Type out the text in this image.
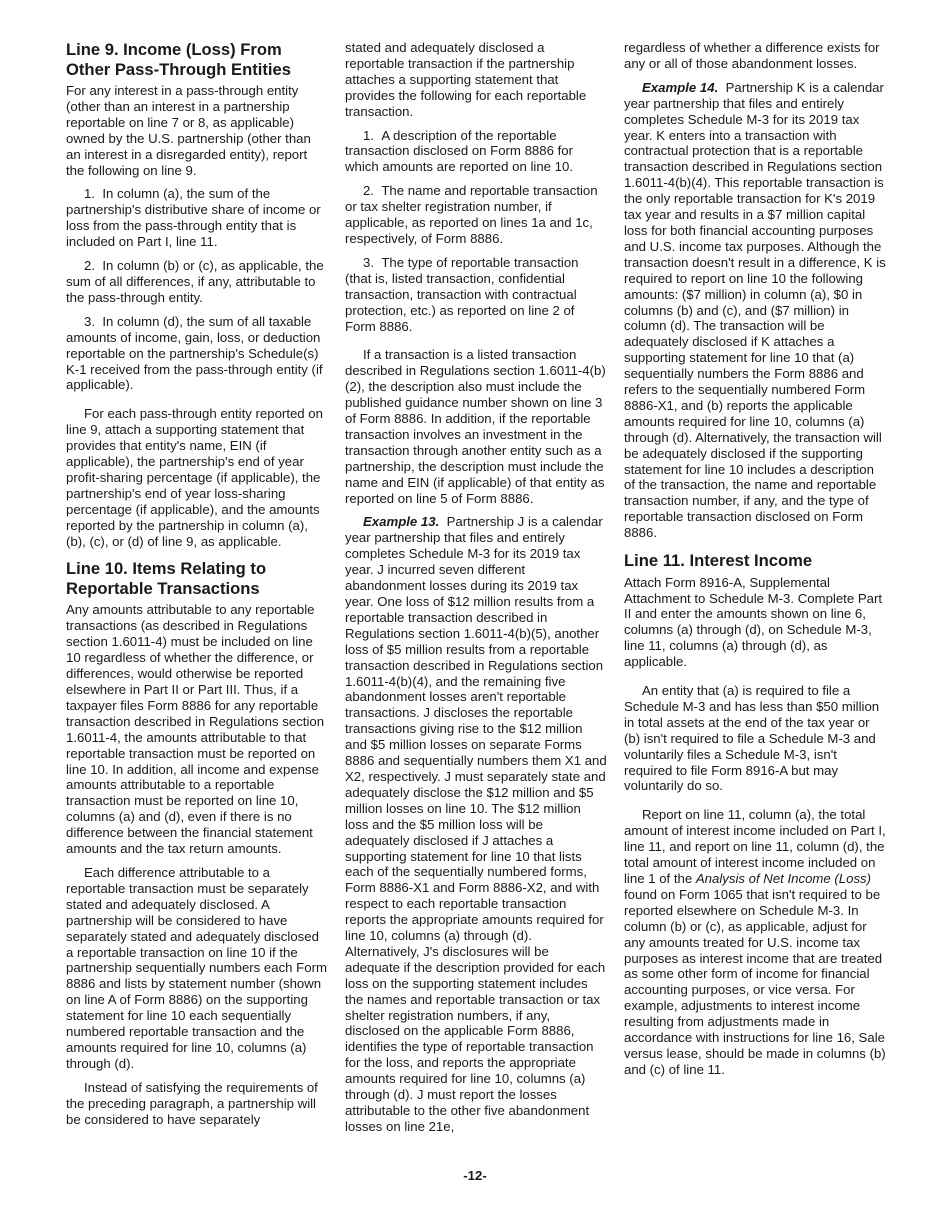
Line 9. Income (Loss) From Other Pass-Through Entities

For any interest in a pass-through entity (other than an interest in a partnership reportable on line 7 or 8, as applicable) owned by the U.S. partnership (other than an interest in a disregarded entity), report the following on line 9.

1.  In column (a), the sum of the partnership's distributive share of income or loss from the pass-through entity that is included on Part I, line 11.

2.  In column (b) or (c), as applicable, the sum of all differences, if any, attributable to the pass-through entity.

3.  In column (d), the sum of all taxable amounts of income, gain, loss, or deduction reportable on the partnership's Schedule(s) K-1 received from the pass-through entity (if applicable).

For each pass-through entity reported on line 9, attach a supporting statement that provides that entity's name, EIN (if applicable), the partnership's end of year profit-sharing percentage (if applicable), the partnership's end of year loss-sharing percentage (if applicable), and the amounts reported by the partnership in column (a), (b), (c), or (d) of line 9, as applicable.

Line 10. Items Relating to Reportable Transactions

Any amounts attributable to any reportable transactions (as described in Regulations section 1.6011-4) must be included on line 10 regardless of whether the difference, or differences, would otherwise be reported elsewhere in Part II or Part III. Thus, if a taxpayer files Form 8886 for any reportable transaction described in Regulations section 1.6011-4, the amounts attributable to that reportable transaction must be reported on line 10. In addition, all income and expense amounts attributable to a reportable transaction must be reported on line 10, columns (a) and (d), even if there is no difference between the financial statement amounts and the tax return amounts.

Each difference attributable to a reportable transaction must be separately stated and adequately disclosed. A partnership will be considered to have separately stated and adequately disclosed a reportable transaction on line 10 if the partnership sequentially numbers each Form 8886 and lists by statement number (shown on line A of Form 8886) on the supporting statement for line 10 each sequentially numbered reportable transaction and the amounts required for line 10, columns (a) through (d).

Instead of satisfying the requirements of the preceding paragraph, a partnership will be considered to have separately

stated and adequately disclosed a reportable transaction if the partnership attaches a supporting statement that provides the following for each reportable transaction.

1.  A description of the reportable transaction disclosed on Form 8886 for which amounts are reported on line 10.

2.  The name and reportable transaction or tax shelter registration number, if applicable, as reported on lines 1a and 1c, respectively, of Form 8886.

3.  The type of reportable transaction (that is, listed transaction, confidential transaction, transaction with contractual protection, etc.) as reported on line 2 of Form 8886.

If a transaction is a listed transaction described in Regulations section 1.6011-4(b)(2), the description also must include the published guidance number shown on line 3 of Form 8886. In addition, if the reportable transaction involves an investment in the transaction through another entity such as a partnership, the description must include the name and EIN (if applicable) of that entity as reported on line 5 of Form 8886.

Example 13. Partnership J is a calendar year partnership that files and entirely completes Schedule M-3 for its 2019 tax year. J incurred seven different abandonment losses during its 2019 tax year. One loss of $12 million results from a reportable transaction described in Regulations section 1.6011-4(b)(5), another loss of $5 million results from a reportable transaction described in Regulations section 1.6011-4(b)(4), and the remaining five abandonment losses aren't reportable transactions. J discloses the reportable transactions giving rise to the $12 million and $5 million losses on separate Forms 8886 and sequentially numbers them X1 and X2, respectively. J must separately state and adequately disclose the $12 million and $5 million losses on line 10. The $12 million loss and the $5 million loss will be adequately disclosed if J attaches a supporting statement for line 10 that lists each of the sequentially numbered forms, Form 8886-X1 and Form 8886-X2, and with respect to each reportable transaction reports the appropriate amounts required for line 10, columns (a) through (d). Alternatively, J's disclosures will be adequate if the description provided for each loss on the supporting statement includes the names and reportable transaction or tax shelter registration numbers, if any, disclosed on the applicable Form 8886, identifies the type of reportable transaction for the loss, and reports the appropriate amounts required for line 10, columns (a) through (d). J must report the losses attributable to the other five abandonment losses on line 21e,

regardless of whether a difference exists for any or all of those abandonment losses.

Example 14. Partnership K is a calendar year partnership that files and entirely completes Schedule M-3 for its 2019 tax year. K enters into a transaction with contractual protection that is a reportable transaction described in Regulations section 1.6011-4(b)(4). This reportable transaction is the only reportable transaction for K's 2019 tax year and results in a $7 million capital loss for both financial accounting purposes and U.S. income tax purposes. Although the transaction doesn't result in a difference, K is required to report on line 10 the following amounts: ($7 million) in column (a), $0 in columns (b) and (c), and ($7 million) in column (d). The transaction will be adequately disclosed if K attaches a supporting statement for line 10 that (a) sequentially numbers the Form 8886 and refers to the sequentially numbered Form 8886-X1, and (b) reports the applicable amounts required for line 10, columns (a) through (d). Alternatively, the transaction will be adequately disclosed if the supporting statement for line 10 includes a description of the transaction, the name and reportable transaction number, if any, and the type of reportable transaction disclosed on Form 8886.

Line 11. Interest Income

Attach Form 8916-A, Supplemental Attachment to Schedule M-3. Complete Part II and enter the amounts shown on line 6, columns (a) through (d), on Schedule M-3, line 11, columns (a) through (d), as applicable.

An entity that (a) is required to file a Schedule M-3 and has less than $50 million in total assets at the end of the tax year or (b) isn't required to file a Schedule M-3 and voluntarily files a Schedule M-3, isn't required to file Form 8916-A but may voluntarily do so.

Report on line 11, column (a), the total amount of interest income included on Part I, line 11, and report on line 11, column (d), the total amount of interest income included on line 1 of the Analysis of Net Income (Loss) found on Form 1065 that isn't required to be reported elsewhere on Schedule M-3. In column (b) or (c), as applicable, adjust for any amounts treated for U.S. income tax purposes as interest income that are treated as some other form of income for financial accounting purposes, or vice versa. For example, adjustments to interest income resulting from adjustments made in accordance with instructions for line 16, Sale versus lease, should be made in columns (b) and (c) of line 11.

-12-
